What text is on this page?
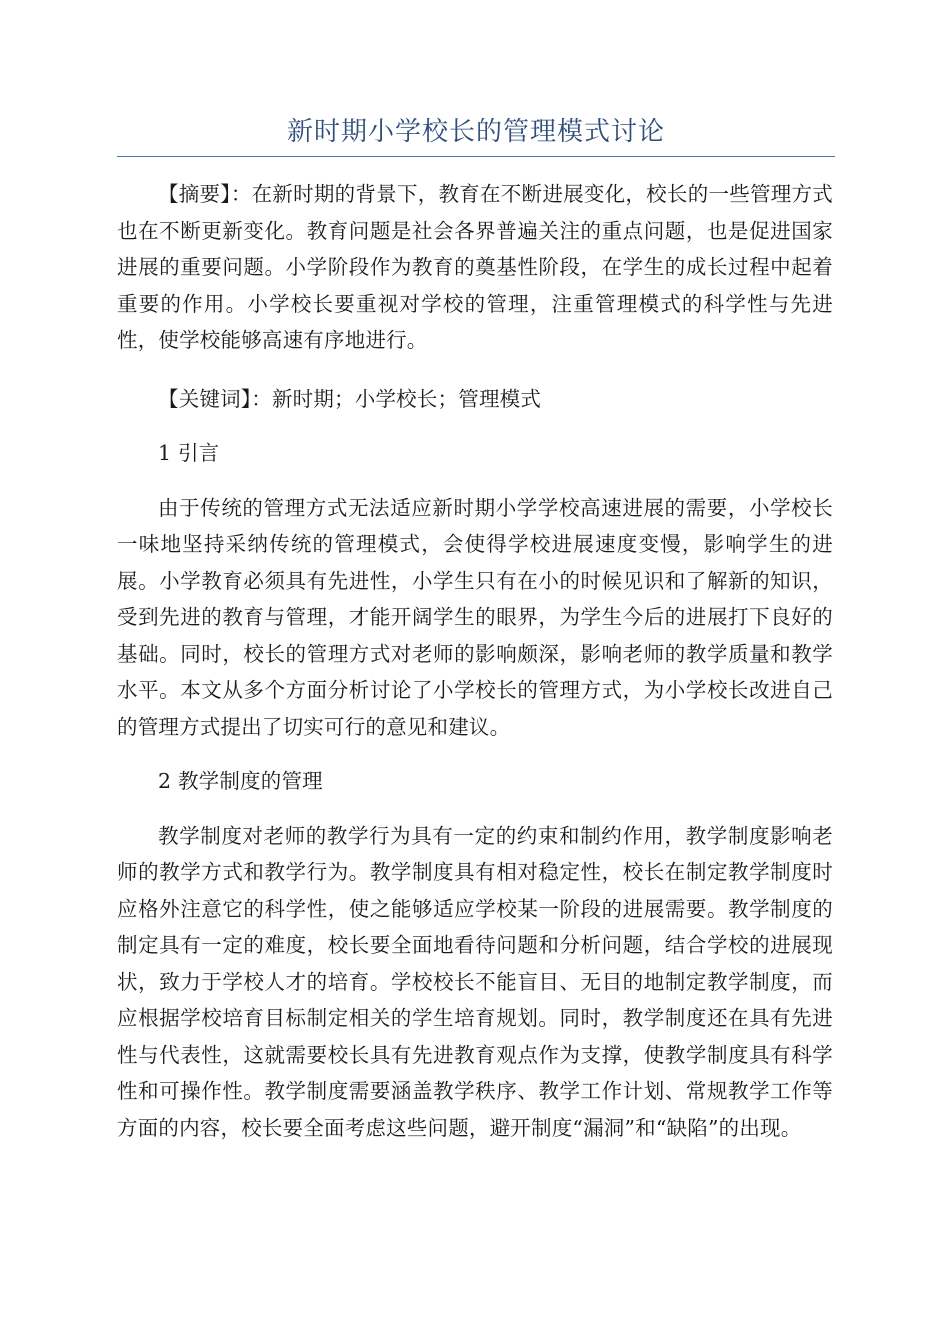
新时期小学校长的管理模式讨论

【摘要】：在新时期的背景下，教育在不断进展变化，校长的一些管理方式也在不断更新变化。教育问题是社会各界普遍关注的重点问题，也是促进国家进展的重要问题。小学阶段作为教育的奠基性阶段，在学生的成长过程中起着重要的作用。小学校长要重视对学校的管理，注重管理模式的科学性与先进性，使学校能够高速有序地进行。

【关键词】：新时期；小学校长；管理模式

1 引言

由于传统的管理方式无法适应新时期小学学校高速进展的需要，小学校长一味地坚持采纳传统的管理模式，会使得学校进展速度变慢，影响学生的进展。小学教育必须具有先进性，小学生只有在小的时候见识和了解新的知识，受到先进的教育与管理，才能开阔学生的眼界，为学生今后的进展打下良好的基础。同时，校长的管理方式对老师的影响颇深，影响老师的教学质量和教学水平。本文从多个方面分析讨论了小学校长的管理方式，为小学校长改进自己的管理方式提出了切实可行的意见和建议。

2 教学制度的管理

教学制度对老师的教学行为具有一定的约束和制约作用，教学制度影响老师的教学方式和教学行为。教学制度具有相对稳定性，校长在制定教学制度时应格外注意它的科学性，使之能够适应学校某一阶段的进展需要。教学制度的制定具有一定的难度，校长要全面地看待问题和分析问题，结合学校的进展现状，致力于学校人才的培育。学校校长不能盲目、无目的地制定教学制度，而应根据学校培育目标制定相关的学生培育规划。同时，教学制度还在具有先进性与代表性，这就需要校长具有先进教育观点作为支撑，使教学制度具有科学性和可操作性。教学制度需要涵盖教学秩序、教学工作计划、常规教学工作等方面的内容，校长要全面考虑这些问题，避开制度“漏洞”和“缺陷”的出现。
